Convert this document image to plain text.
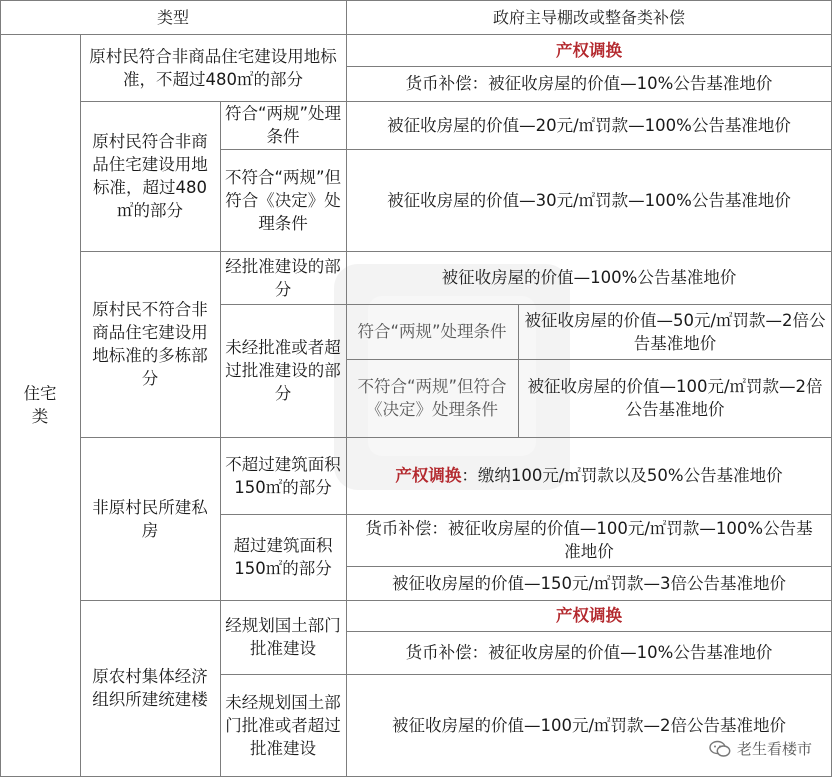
类型	政府主导棚改或整备类补偿
住宅类
原村民符合非商品住宅建设用地标准，不超过480㎡的部分
产权调换
货币补偿：被征收房屋的价值—10%公告基准地价
原村民符合非商品住宅建设用地标准，超过480㎡的部分
符合“两规”处理条件
被征收房屋的价值—20元/㎡罚款—100%公告基准地价
不符合“两规”但符合《决定》处理条件
被征收房屋的价值—30元/㎡罚款—100%公告基准地价
原村民不符合非商品住宅建设用地标准的多栋部分
经批准建设的部分
被征收房屋的价值—100%公告基准地价
未经批准或者超过批准建设的部分
符合“两规”处理条件
被征收房屋的价值—50元/㎡罚款—2倍公告基准地价
不符合“两规”但符合《决定》处理条件
被征收房屋的价值—100元/㎡罚款—2倍公告基准地价
非原村民所建私房
不超过建筑面积150㎡的部分
产权调换：缴纳100元/㎡罚款以及50%公告基准地价
超过建筑面积150㎡的部分
货币补偿：被征收房屋的价值—100元/㎡罚款—100%公告基准地价
被征收房屋的价值—150元/㎡罚款—3倍公告基准地价
原农村集体经济组织所建统建楼
经规划国土部门批准建设
产权调换
货币补偿：被征收房屋的价值—10%公告基准地价
未经规划国土部门批准或者超过批准建设
被征收房屋的价值—100元/㎡罚款—2倍公告基准地价
老生看楼市
